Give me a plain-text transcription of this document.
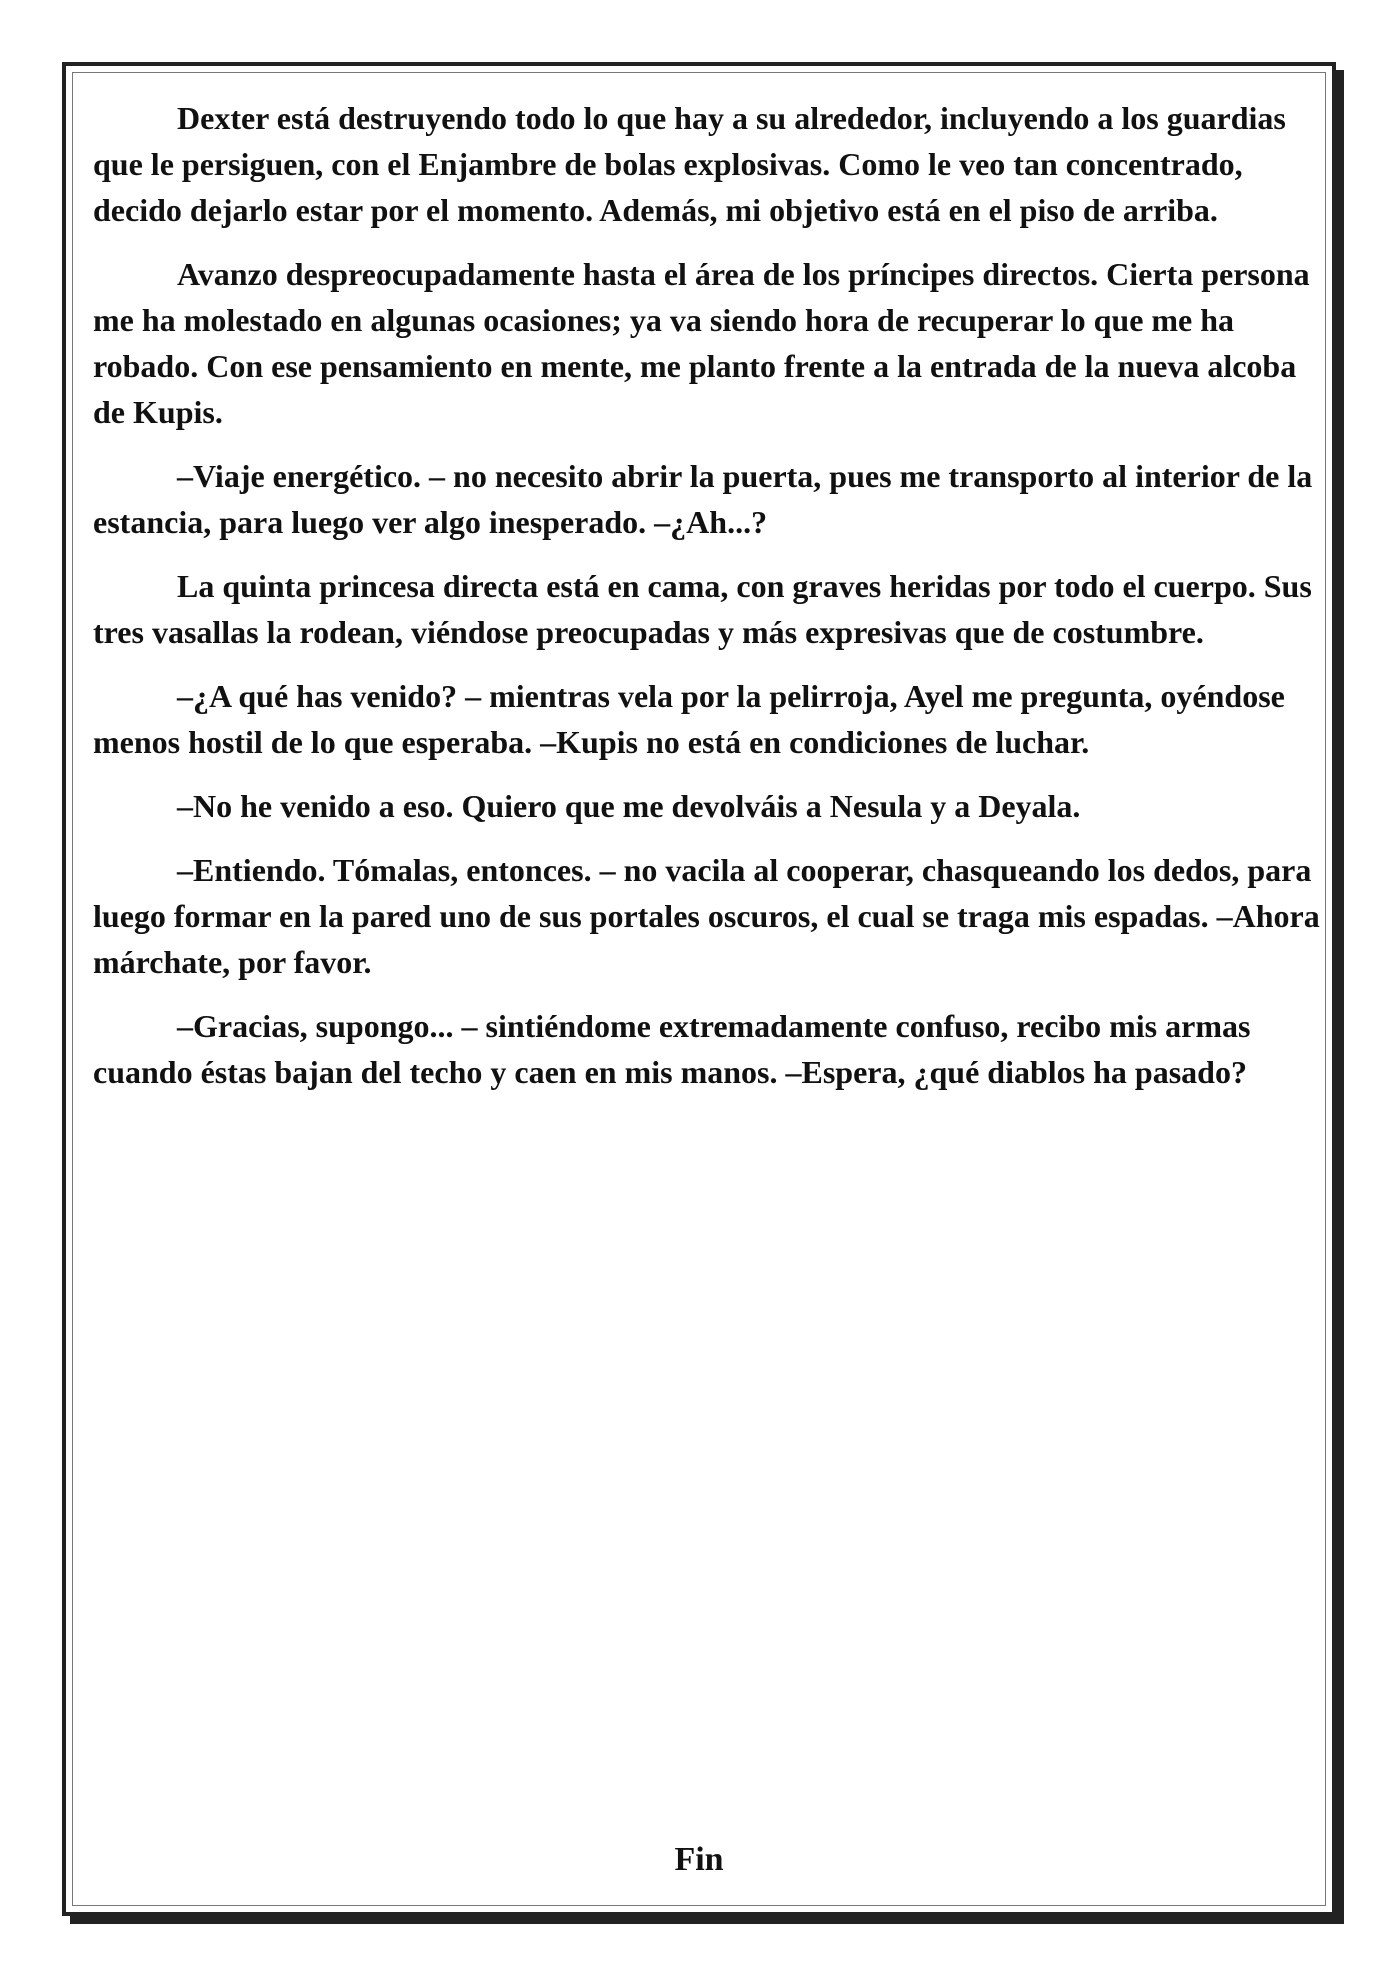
Dexter está destruyendo todo lo que hay a su alrededor, incluyendo a los guardias que le persiguen, con el Enjambre de bolas explosivas. Como le veo tan concentrado, decido dejarlo estar por el momento. Además, mi objetivo está en el piso de arriba.

Avanzo despreocupadamente hasta el área de los príncipes directos. Cierta persona me ha molestado en algunas ocasiones; ya va siendo hora de recuperar lo que me ha robado. Con ese pensamiento en mente, me planto frente a la entrada de la nueva alcoba de Kupis.

–Viaje energético. – no necesito abrir la puerta, pues me transporto al interior de la estancia, para luego ver algo inesperado. –¿Ah...?

La quinta princesa directa está en cama, con graves heridas por todo el cuerpo. Sus tres vasallas la rodean, viéndose preocupadas y más expresivas que de costumbre.

–¿A qué has venido? – mientras vela por la pelirroja, Ayel me pregunta, oyéndose menos hostil de lo que esperaba. –Kupis no está en condiciones de luchar.

–No he venido a eso. Quiero que me devolváis a Nesula y a Deyala.

–Entiendo. Tómalas, entonces. – no vacila al cooperar, chasqueando los dedos, para luego formar en la pared uno de sus portales oscuros, el cual se traga mis espadas. –Ahora márchate, por favor.

–Gracias, supongo... – sintiéndome extremadamente confuso, recibo mis armas cuando éstas bajan del techo y caen en mis manos. –Espera, ¿qué diablos ha pasado?

Fin
